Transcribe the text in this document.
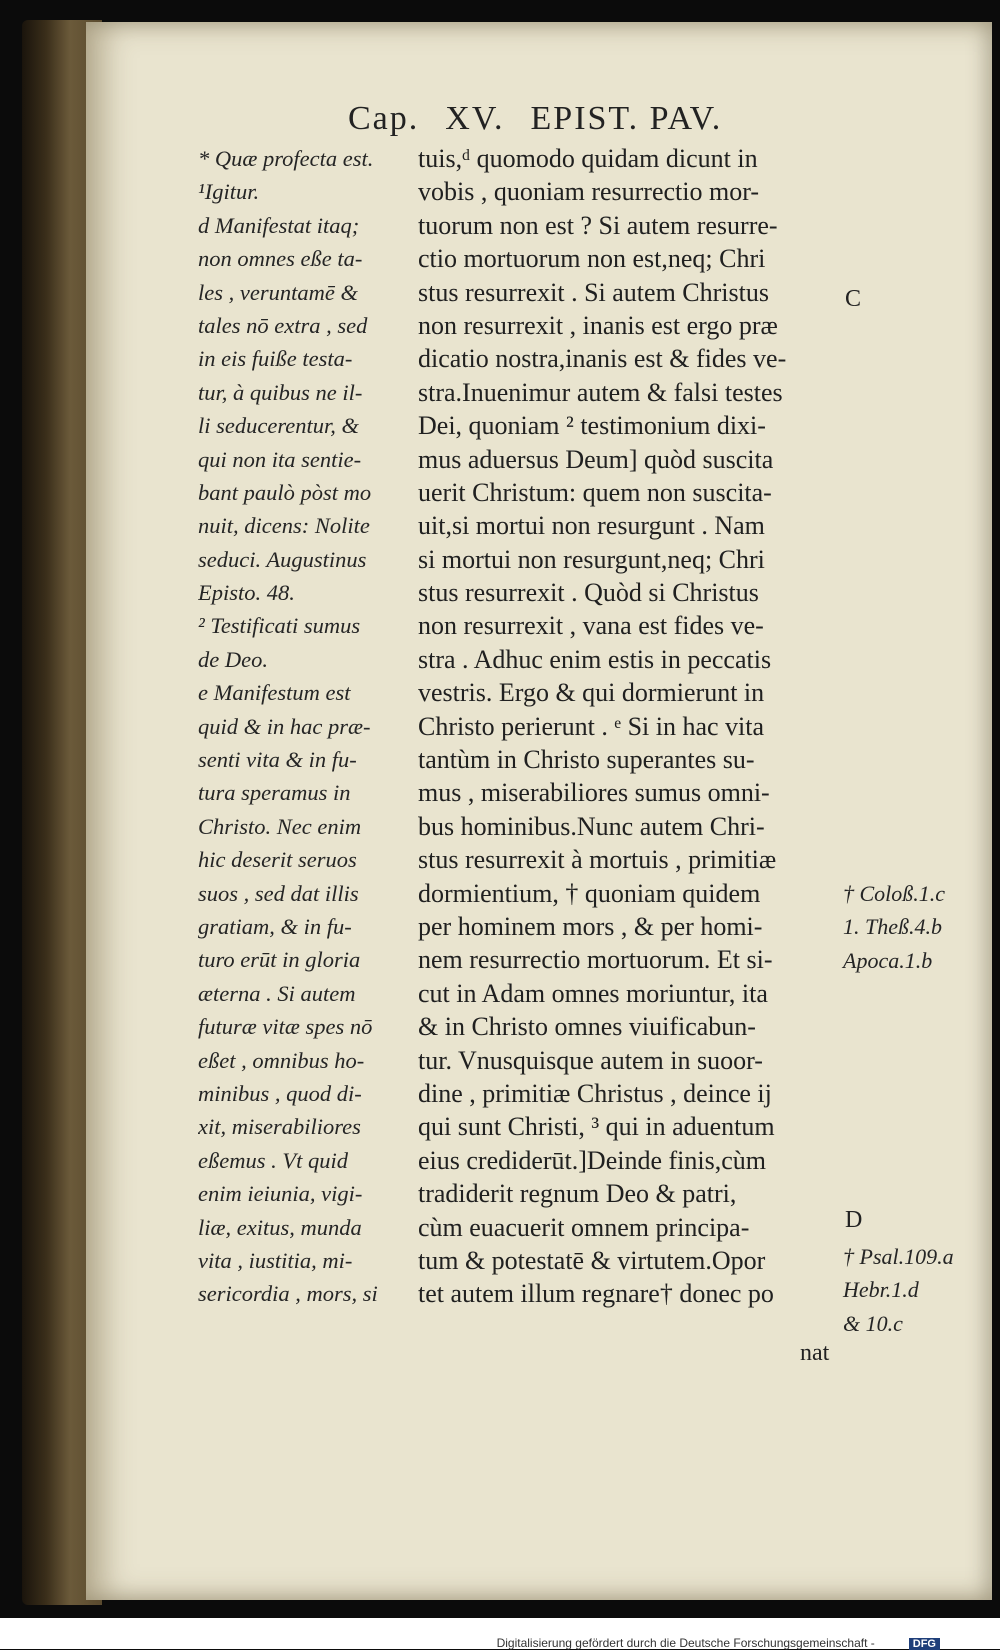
Cap. XV. EPIST. PAV.
* Quæ profecta est.
¹Igitur.
d Manifestat itaq;
non omnes eße ta-
les , veruntamē &
tales nō extra , sed
in eis fuiße testa-
tur, à quibus ne il-
li seducerentur, &
qui non ita sentie-
bant paulò pòst mo
nuit, dicens: Nolite
seduci. Augustinus
Episto. 48.
² Testificati sumus
de Deo.
e Manifestum est
quid & in hac præ-
senti vita & in fu-
tura speramus in
Christo. Nec enim
hic deserit seruos
suos , sed dat illis
gratiam, & in fu-
turo erūt in gloria
æterna . Si autem
futuræ vitæ spes nō
eßet , omnibus ho-
minibus , quod di-
xit, miserabiliores
eßemus . Vt quid
enim ieiunia, vigi-
liæ, exitus, munda
vita , iustitia, mi-
sericordia , mors, si
tuis,ᵈ quomodo quidam dicunt in
vobis , quoniam resurrectio mor-
tuorum non est ? Si autem resurre-
ctio mortuorum non est,neq; Chri
stus resurrexit . Si autem Christus
non resurrexit , inanis est ergo præ
dicatio nostra,inanis est & fides ve-
stra.Inuenimur autem & falsi testes
Dei, quoniam ² testimonium dixi-
mus aduersus Deum] quòd suscita
uerit Christum: quem non suscita-
uit,si mortui non resurgunt . Nam
si mortui non resurgunt,neq; Chri
stus resurrexit . Quòd si Christus
non resurrexit , vana est fides ve-
stra . Adhuc enim estis in peccatis
vestris. Ergo & qui dormierunt in
Christo perierunt . ᵉ Si in hac vita
tantùm in Christo superantes su-
mus , miserabiliores sumus omni-
bus hominibus.Nunc autem Chri-
stus resurrexit à mortuis , primitiæ
dormientium, † quoniam quidem
per hominem mors , & per homi-
nem resurrectio mortuorum. Et si-
cut in Adam omnes moriuntur, ita
& in Christo omnes viuificabun-
tur. Vnusquisque autem in suoor-
dine , primitiæ Christus , deince ij
qui sunt Christi, ³ qui in aduentum
eius crediderūt.]Deinde finis,cùm
tradiderit regnum Deo & patri,
cùm euacuerit omnem principa-
tum & potestatē & virtutem.Opor
tet autem illum regnare† donec po
C
D
† Coloß.1.c
1. Theß.4.b
Apoca.1.b
† Psal.109.a
Hebr.1.d
& 10.c
nat
Digitalisierung gefördert durch die Deutsche Forschungsgemeinschaft -	DFG
